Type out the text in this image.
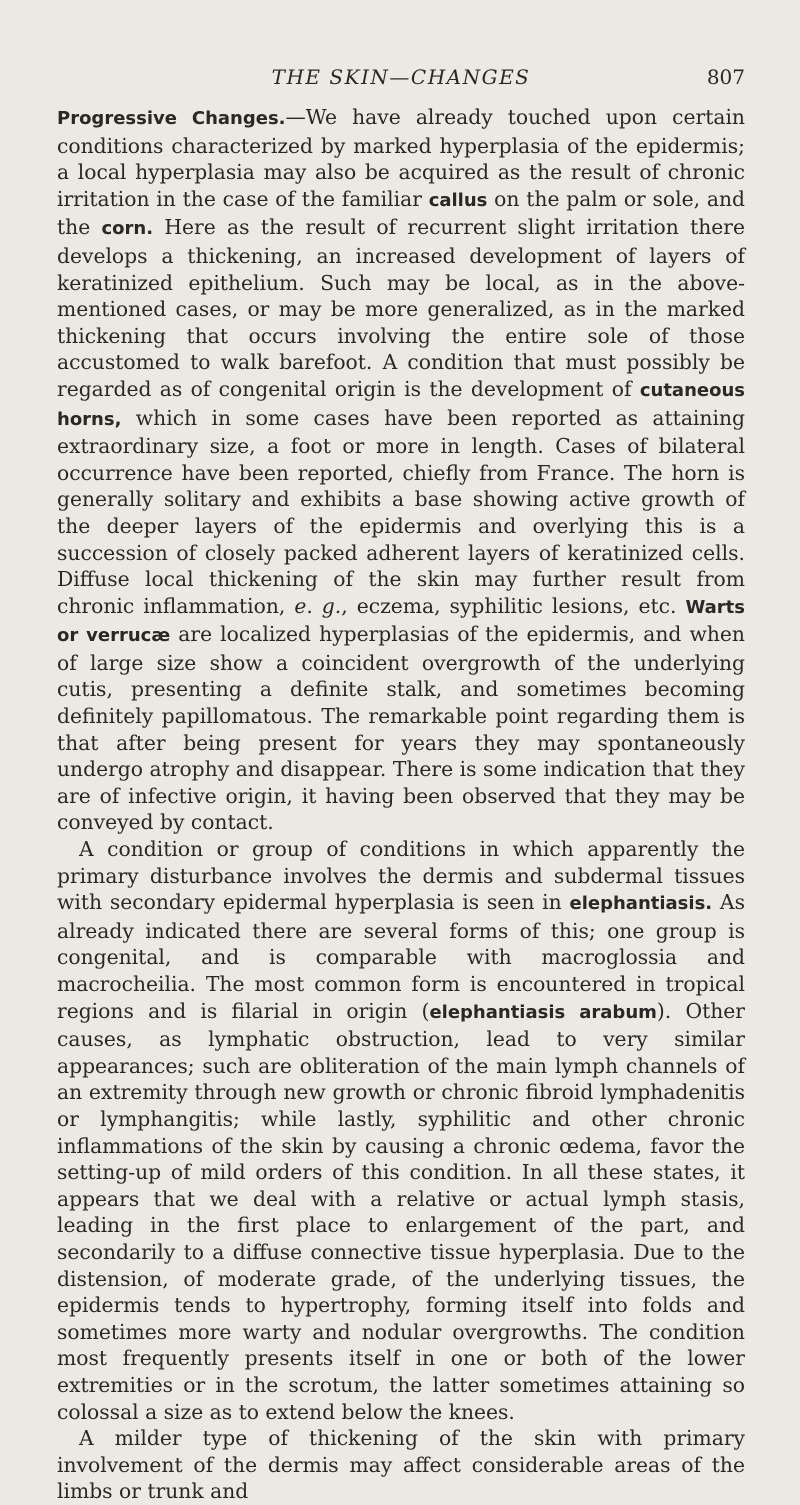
THE SKIN—CHANGES	807

Progressive Changes.—We have already touched upon certain conditions characterized by marked hyperplasia of the epidermis; a local hyperplasia may also be acquired as the result of chronic irritation in the case of the familiar callus on the palm or sole, and the corn. Here as the result of recurrent slight irritation there develops a thickening, an increased development of layers of keratinized epithelium. Such may be local, as in the above-mentioned cases, or may be more generalized, as in the marked thickening that occurs involving the entire sole of those accustomed to walk barefoot. A condition that must possibly be regarded as of congenital origin is the development of cutaneous horns, which in some cases have been reported as attaining extraordinary size, a foot or more in length. Cases of bilateral occurrence have been reported, chiefly from France. The horn is generally solitary and exhibits a base showing active growth of the deeper layers of the epidermis and overlying this is a succession of closely packed adherent layers of keratinized cells. Diffuse local thickening of the skin may further result from chronic inflammation, e. g., eczema, syphilitic lesions, etc. Warts or verrucæ are localized hyperplasias of the epidermis, and when of large size show a coincident overgrowth of the underlying cutis, presenting a definite stalk, and sometimes becoming definitely papillomatous. The remarkable point regarding them is that after being present for years they may spontaneously undergo atrophy and disappear. There is some indication that they are of infective origin, it having been observed that they may be conveyed by contact.

A condition or group of conditions in which apparently the primary disturbance involves the dermis and subdermal tissues with secondary epidermal hyperplasia is seen in elephantiasis. As already indicated there are several forms of this; one group is congenital, and is comparable with macroglossia and macrocheilia. The most common form is encountered in tropical regions and is filarial in origin (elephantiasis arabum). Other causes, as lymphatic obstruction, lead to very similar appearances; such are obliteration of the main lymph channels of an extremity through new growth or chronic fibroid lymphadenitis or lymphangitis; while lastly, syphilitic and other chronic inflammations of the skin by causing a chronic œdema, favor the setting-up of mild orders of this condition. In all these states, it appears that we deal with a relative or actual lymph stasis, leading in the first place to enlargement of the part, and secondarily to a diffuse connective tissue hyperplasia. Due to the distension, of moderate grade, of the underlying tissues, the epidermis tends to hypertrophy, forming itself into folds and sometimes more warty and nodular overgrowths. The condition most frequently presents itself in one or both of the lower extremities or in the scrotum, the latter sometimes attaining so colossal a size as to extend below the knees.

A milder type of thickening of the skin with primary involvement of the dermis may affect considerable areas of the limbs or trunk and
